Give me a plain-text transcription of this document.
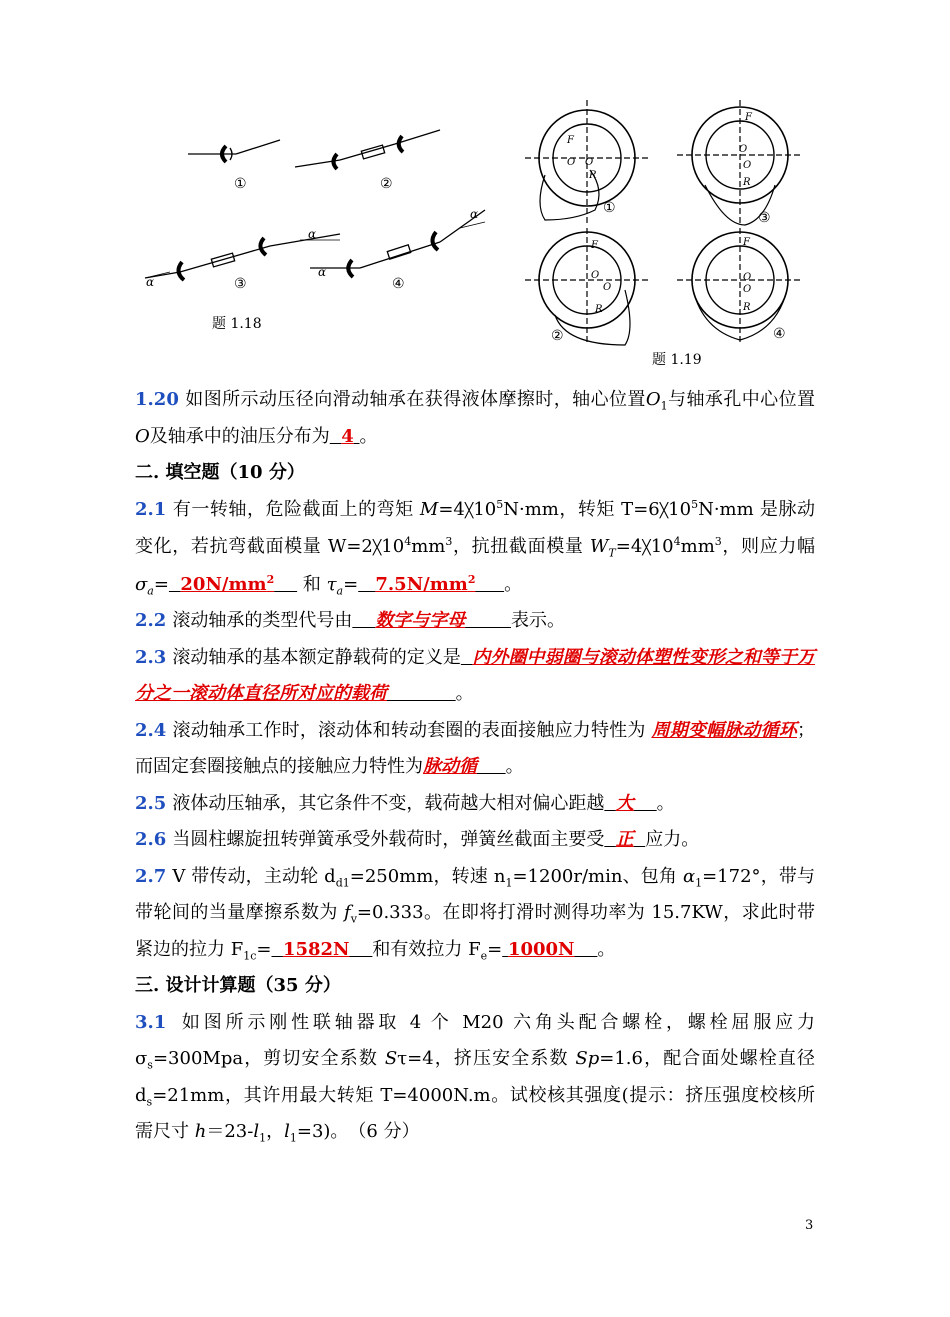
α
α
α
α
①	②
③	④
题 1.18
F
O O
R
F
O
O
R
F
O
O
R
F
O
O
R
①
③
②	④
题 1.19

1.20 如图所示动压径向滑动轴承在获得液体摩擦时，轴心位置$O_1$与轴承孔中心位置O及轴承中的油压分布为 4 。

二. 填空题（10 分）

2.1 有一转轴，危险截面上的弯矩 $M=4╳10^5N\cdot mm$，转矩 $T=6╳10^5N\cdot mm$ 是脉动变化，若抗弯截面模量 $W=2╳10^4mm^3$，抗扭截面模量 $W_T=4╳10^4mm^3$，则应力幅 $\sigma_a= 20N/mm^2$     和 $\tau_a= 7.5N/mm^2$ 。

2.2 滚动轴承的类型代号由 数字与字母	表示。

2.3 滚动轴承的基本额定静载荷的定义是 内外圈中弱圈与滚动体塑性变形之和等于万分之一滚动体直径所对应的载荷	。

2.4 滚动轴承工作时，滚动体和转动套圈的表面接触应力特性为 周期变幅脉动循环；而固定套圈接触点的接触应力特性为脉动循 。

2.5 液体动压轴承，其它条件不变，载荷越大相对偏心距越 大 。

2.6 当圆柱螺旋扭转弹簧承受外载荷时，弹簧丝截面主要受 正 应力。

2.7 V 带传动，主动轮 $d_{d1}=250mm$，转速 $n_1=1200r/\min$、包角 $\alpha_1=172^\circ$，带与带轮间的当量摩擦系数为 $f_v=0.333$。在即将打滑时测得功率为 15.7KW，求此时带紧边的拉力 $F_{1c}= 1582N$ 和有效拉力 $F_e= 1000N$ 。

三. 设计计算题（35 分）

3.1 如图所示刚性联轴器取 4 个 M20 六角头配合螺栓，螺栓屈服应力 $\sigma_s=300Mpa$，剪切安全系数 Sτ=4，挤压安全系数 Sp=1.6，配合面处螺栓直径 $d_s=21mm$，其许用最大转矩 T=4000N.m。试校核其强度(提示：挤压强度校核所需尺寸 $h=23-l_1$，$l_1=3$)。　（6 分）

3
